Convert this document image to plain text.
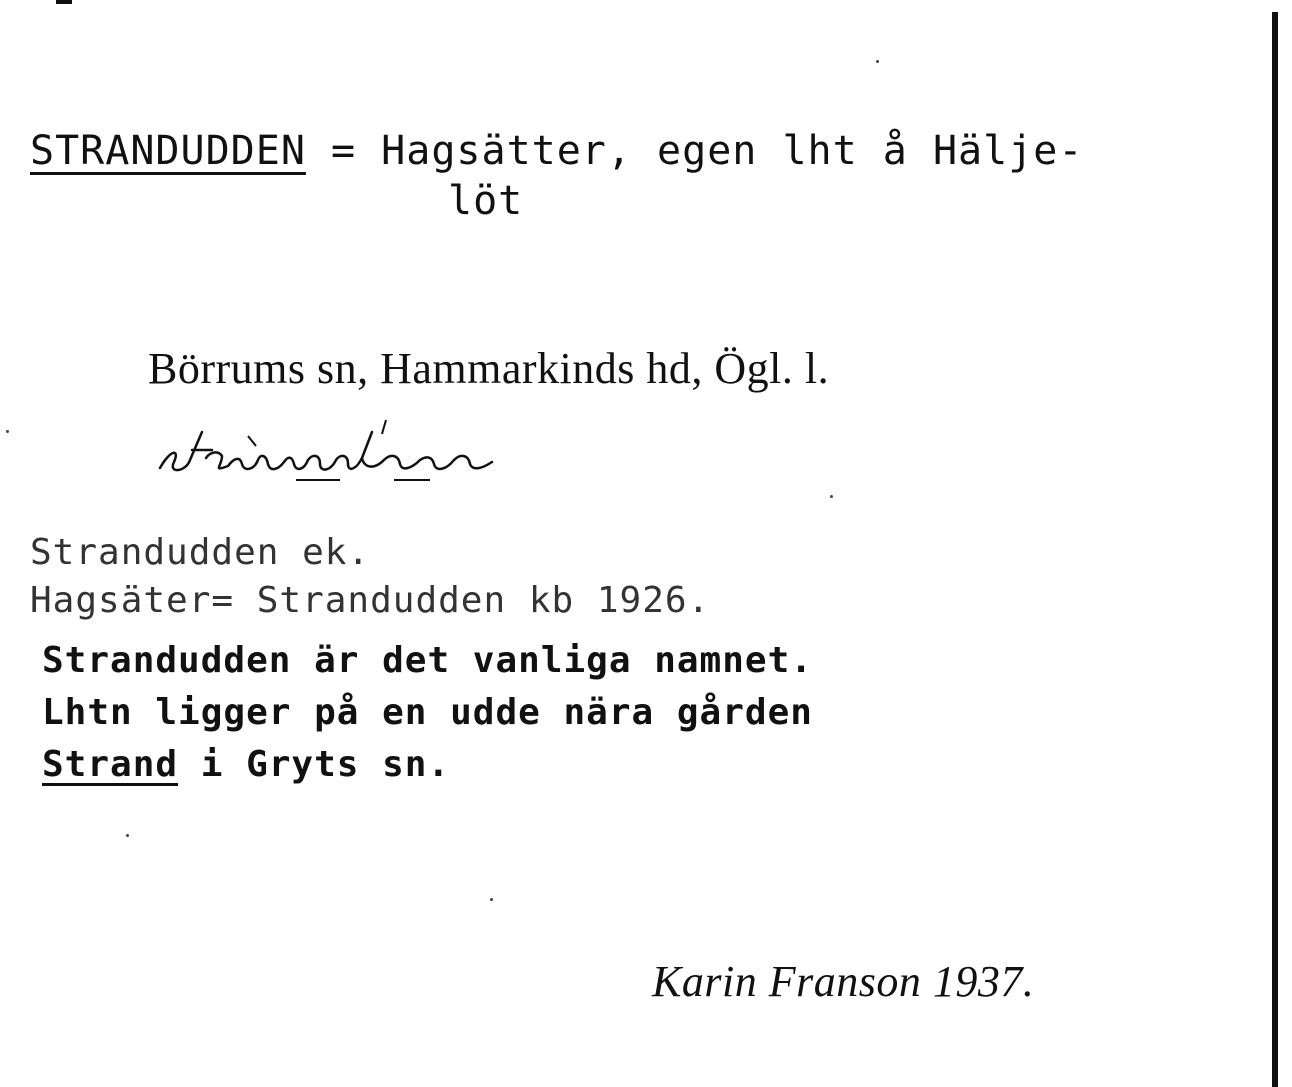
STRANDUDDEN = Hagsätter, egen lht å Hälje-
löt
Börrums sn, Hammarkinds hd, Ögl. l.
Strandudden ek.
Hagsäter= Strandudden kb 1926.
Strandudden är det vanliga namnet.
Lhtn ligger på en udde nära gården
Strand i Gryts sn.
Karin Franson 1937.
